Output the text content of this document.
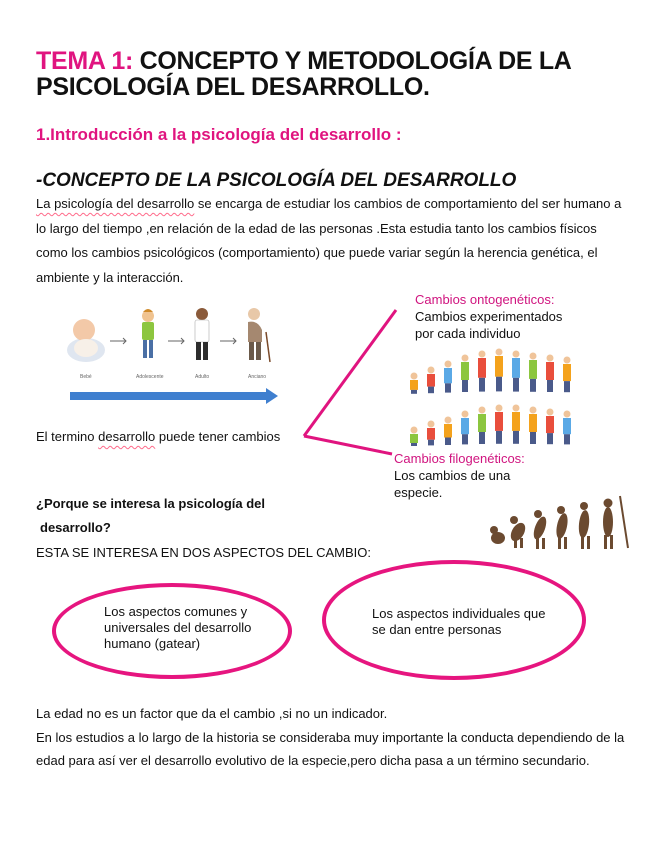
TEMA 1: CONCEPTO Y METODOLOGÍA DE LA
PSICOLOGÍA DEL DESARROLLO.
1.Introducción a la psicología del desarrollo :
-CONCEPTO DE LA PSICOLOGÍA DEL DESARROLLO
La psicología del desarrollo se encarga de estudiar los cambios de comportamiento del ser humano a lo largo del tiempo ,en relación de la edad de las personas .Esta estudia tanto los cambios físicos como los cambios psicológicos (comportamiento) que puede variar según la herencia genética, el ambiente y la interacción.
Bebé	Adolescente	Adulto	Anciano
El termino desarrollo puede tener cambios
Cambios ontogenéticos:
Cambios experimentados
por cada individuo
Cambios filogenéticos:
Los cambios de una
especie.
¿Porque se interesa la psicología del
desarrollo?
ESTA SE INTERESA EN DOS ASPECTOS DEL CAMBIO:
Los aspectos comunes y
universales del desarrollo
humano (gatear)
Los aspectos individuales que
se dan entre personas
La edad no es un factor que da el cambio ,si no un indicador.
En los estudios a lo largo de la historia se consideraba muy importante la conducta dependiendo de la edad para así ver el desarrollo evolutivo de la especie,pero dicha pasa a un término secundario.
